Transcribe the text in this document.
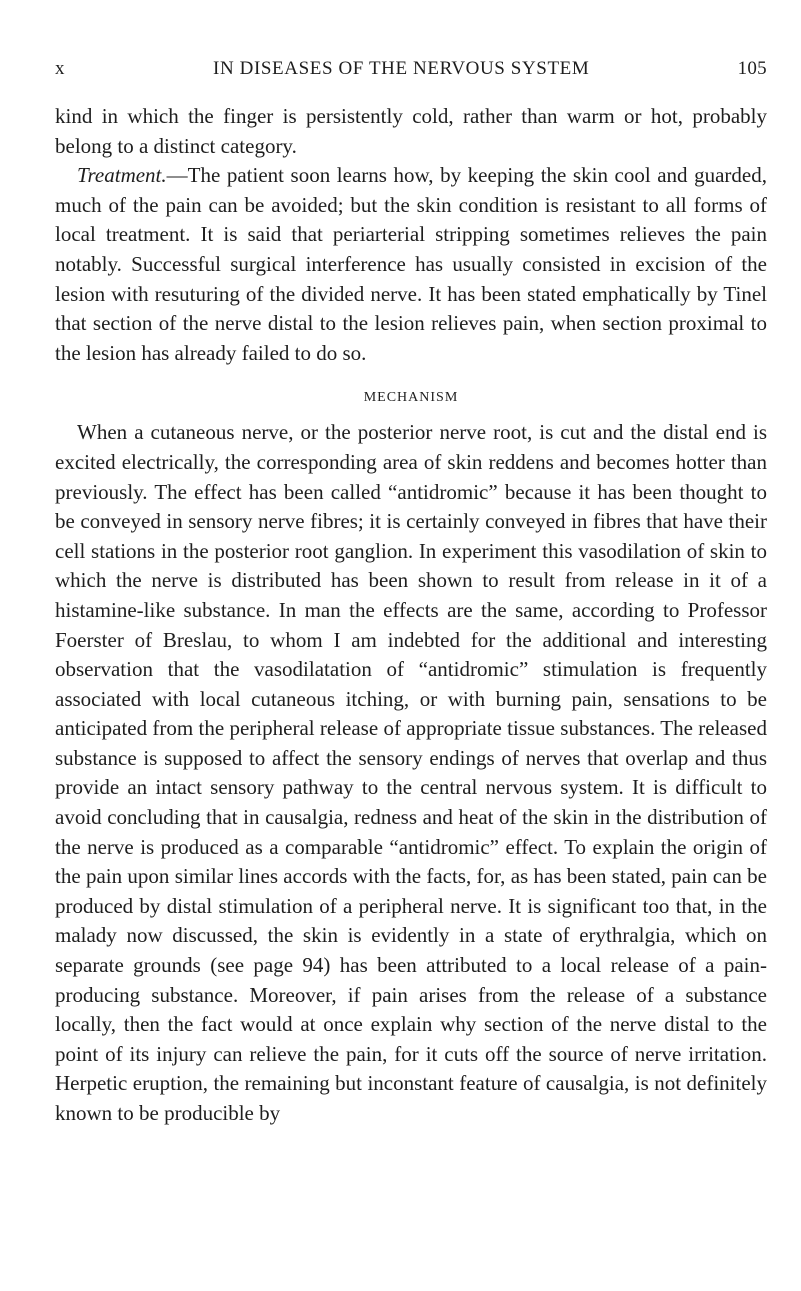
x	IN DISEASES OF THE NERVOUS SYSTEM	105

kind in which the finger is persistently cold, rather than warm or hot, probably belong to a distinct category.

Treatment.—The patient soon learns how, by keeping the skin cool and guarded, much of the pain can be avoided; but the skin condition is resistant to all forms of local treatment. It is said that periarterial stripping sometimes relieves the pain notably. Successful surgical interference has usually consisted in excision of the lesion with resuturing of the divided nerve. It has been stated emphatically by Tinel that section of the nerve distal to the lesion relieves pain, when section proximal to the lesion has already failed to do so.

MECHANISM

When a cutaneous nerve, or the posterior nerve root, is cut and the distal end is excited electrically, the corresponding area of skin reddens and becomes hotter than previously. The effect has been called “antidromic” because it has been thought to be conveyed in sensory nerve fibres; it is certainly conveyed in fibres that have their cell stations in the posterior root ganglion. In experiment this vasodilation of skin to which the nerve is distributed has been shown to result from release in it of a histamine-like substance. In man the effects are the same, according to Professor Foerster of Breslau, to whom I am indebted for the additional and interesting observation that the vasodilatation of “antidromic” stimulation is frequently associated with local cutaneous itching, or with burning pain, sensations to be anticipated from the peripheral release of appropriate tissue substances. The released substance is supposed to affect the sensory endings of nerves that overlap and thus provide an intact sensory pathway to the central nervous system. It is difficult to avoid concluding that in causalgia, redness and heat of the skin in the distribution of the nerve is produced as a comparable “antidromic” effect. To explain the origin of the pain upon similar lines accords with the facts, for, as has been stated, pain can be produced by distal stimulation of a peripheral nerve. It is significant too that, in the malady now discussed, the skin is evidently in a state of erythralgia, which on separate grounds (see page 94) has been attributed to a local release of a pain-producing substance. Moreover, if pain arises from the release of a substance locally, then the fact would at once explain why section of the nerve distal to the point of its injury can relieve the pain, for it cuts off the source of nerve irritation. Herpetic eruption, the remaining but inconstant feature of causalgia, is not definitely known to be producible by
